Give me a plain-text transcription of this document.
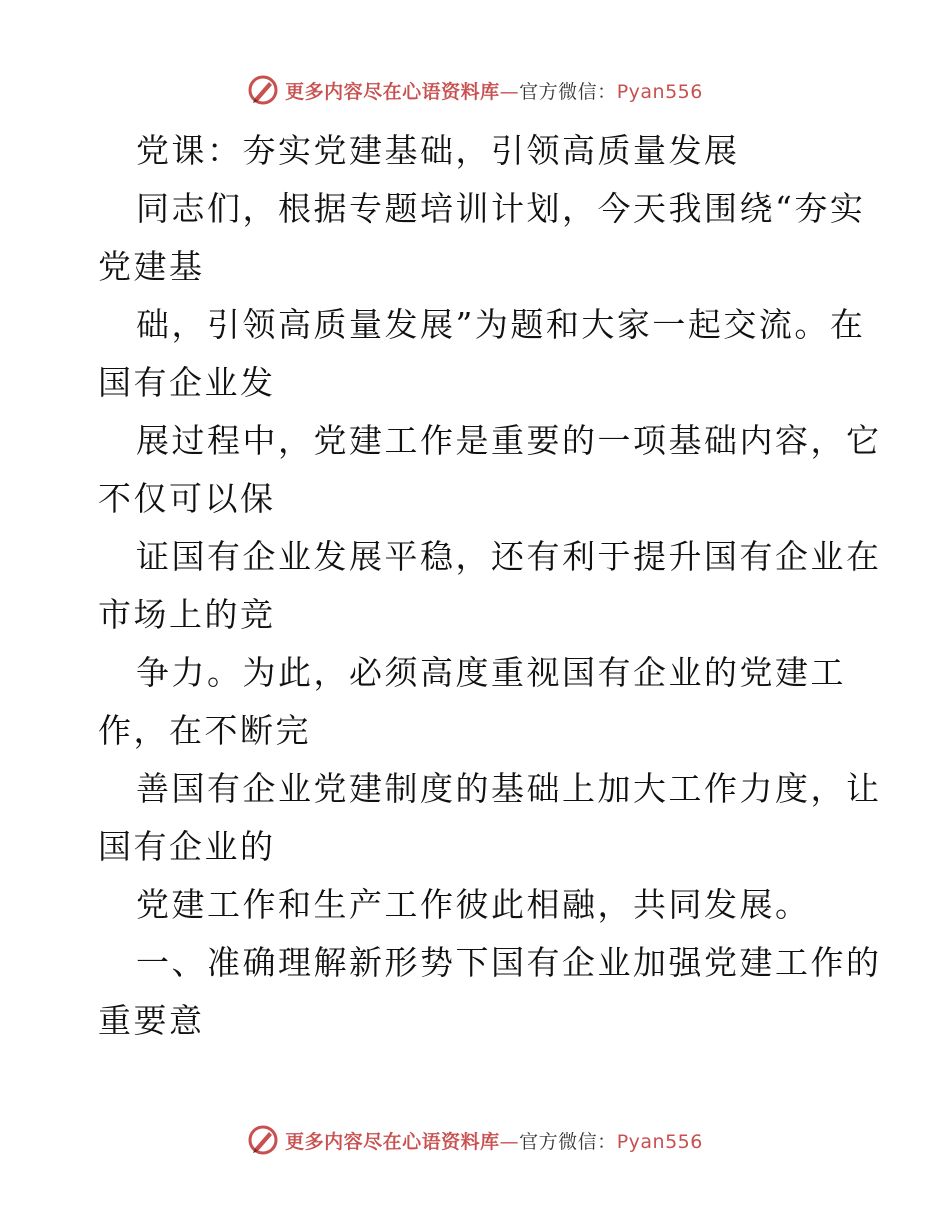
更多内容尽在心语资料库 — 官方微信： Pyan556
党课：夯实党建基础，引领高质量发展
同志们，根据专题培训计划，今天我围绕“夯实
党建基
础，引领高质量发展”为题和大家一起交流。在
国有企业发
展过程中，党建工作是重要的一项基础内容，它
不仅可以保
证国有企业发展平稳，还有利于提升国有企业在
市场上的竞
争力。为此，必须高度重视国有企业的党建工
作，在不断完
善国有企业党建制度的基础上加大工作力度，让
国有企业的
党建工作和生产工作彼此相融，共同发展。
一、准确理解新形势下国有企业加强党建工作的
重要意
更多内容尽在心语资料库 — 官方微信： Pyan556
